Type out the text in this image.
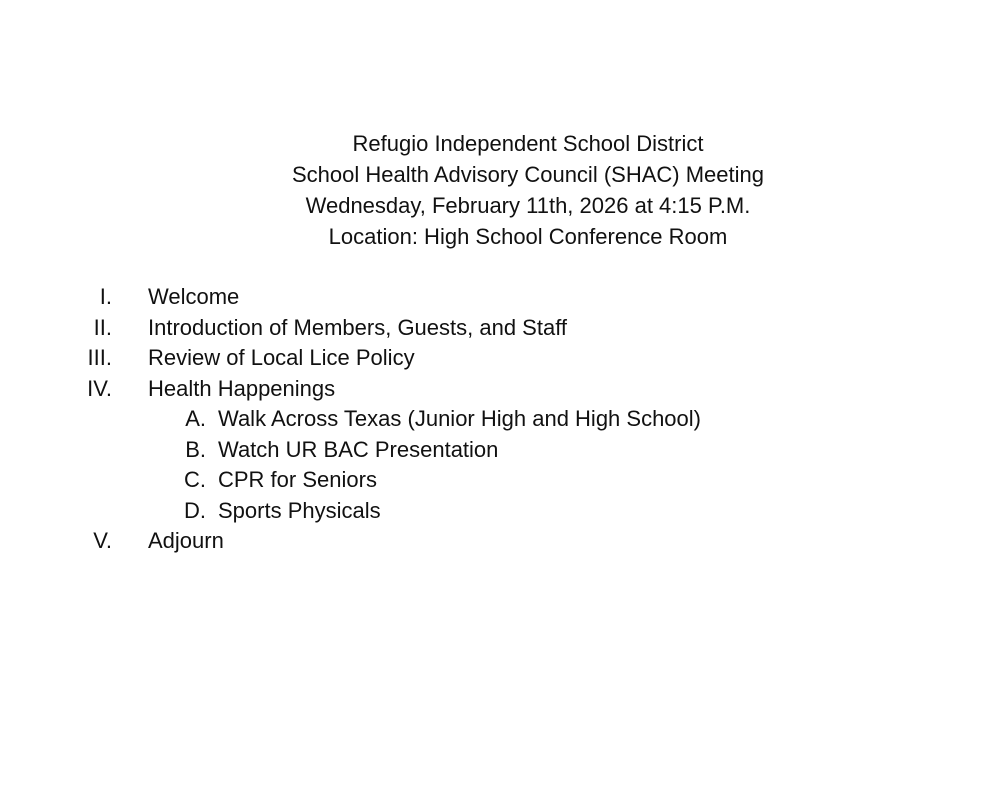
Refugio Independent School District
School Health Advisory Council (SHAC) Meeting
Wednesday, February 11th, 2026 at 4:15 P.M.
Location: High School Conference Room
I. Welcome
II. Introduction of Members, Guests, and Staff
III. Review of Local Lice Policy
IV. Health Happenings
A. Walk Across Texas (Junior High and High School)
B. Watch UR BAC Presentation
C. CPR for Seniors
D. Sports Physicals
V. Adjourn
